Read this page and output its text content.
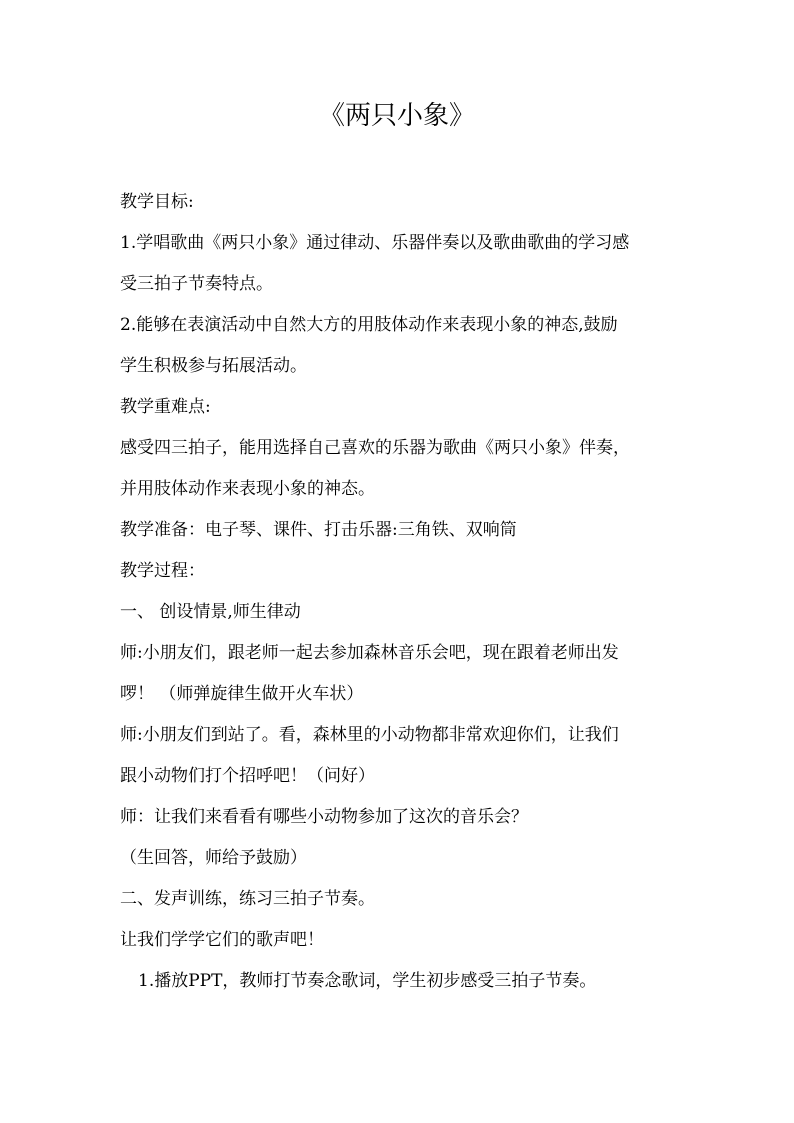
《两只小象》
教学目标:
1.学唱歌曲《两只小象》通过律动、乐器伴奏以及歌曲歌曲的学习感
受三拍子节奏特点。
2.能够在表演活动中自然大方的用肢体动作来表现小象的神态,鼓励
学生积极参与拓展活动。
教学重难点:
感受四三拍子，能用选择自己喜欢的乐器为歌曲《两只小象》伴奏，
并用肢体动作来表现小象的神态。
教学准备：电子琴、课件、打击乐器:三角铁、双响筒
教学过程：
一、 创设情景,师生律动
师:小朋友们，跟老师一起去参加森林音乐会吧，现在跟着老师出发
啰！ （师弹旋律生做开火车状）
师:小朋友们到站了。看，森林里的小动物都非常欢迎你们，让我们
跟小动物们打个招呼吧！（问好）
师：让我们来看看有哪些小动物参加了这次的音乐会？
（生回答，师给予鼓励）
二、发声训练，练习三拍子节奏。
让我们学学它们的歌声吧！
1.播放PPT，教师打节奏念歌词，学生初步感受三拍子节奏。
